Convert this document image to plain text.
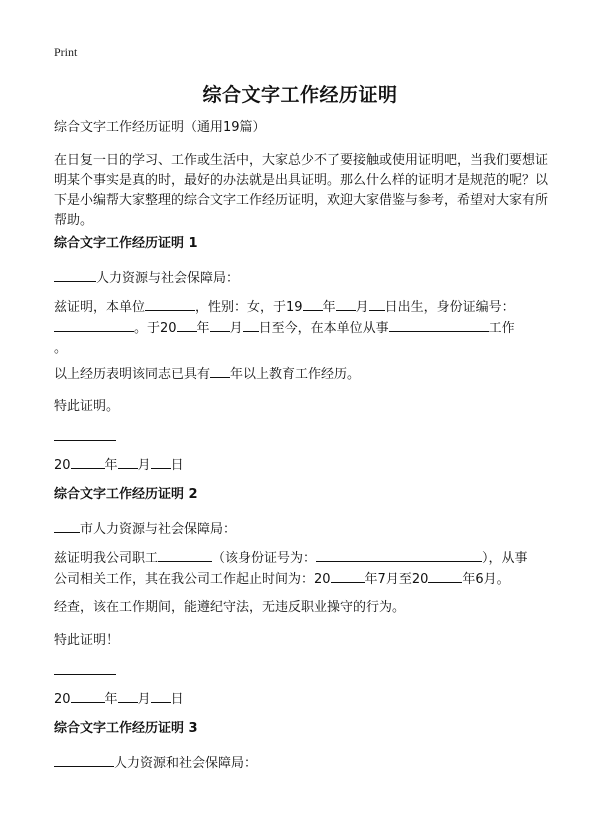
Print
综合文字工作经历证明

综合文字工作经历证明（通用19篇）

在日复一日的学习、工作或生活中，大家总少不了要接触或使用证明吧，当我们要想证明某个事实是真的时，最好的办法就是出具证明。那么什么样的证明才是规范的呢？以下是小编帮大家整理的综合文字工作经历证明，欢迎大家借鉴与参考，希望对大家有所帮助。

综合文字工作经历证明 1

人力资源与社会保障局：

兹证明，本单位	，性别：女，于19 年 月 日出生，身份证编号：
。于20 年 月 日至今，在本单位从事	工作
。

以上经历表明该同志已具有 年以上教育工作经历。

特此证明。

20	年 月 日

综合文字工作经历证明 2

市人力资源与社会保障局：

兹证明我公司职工	（该身份证号为：	），从事
公司相关工作，其在我公司工作起止时间为：20	年7月至20	年6月。

经查，该在工作期间，能遵纪守法，无违反职业操守的行为。

特此证明！

20	年 月 日

综合文字工作经历证明 3

人力资源和社会保障局：
